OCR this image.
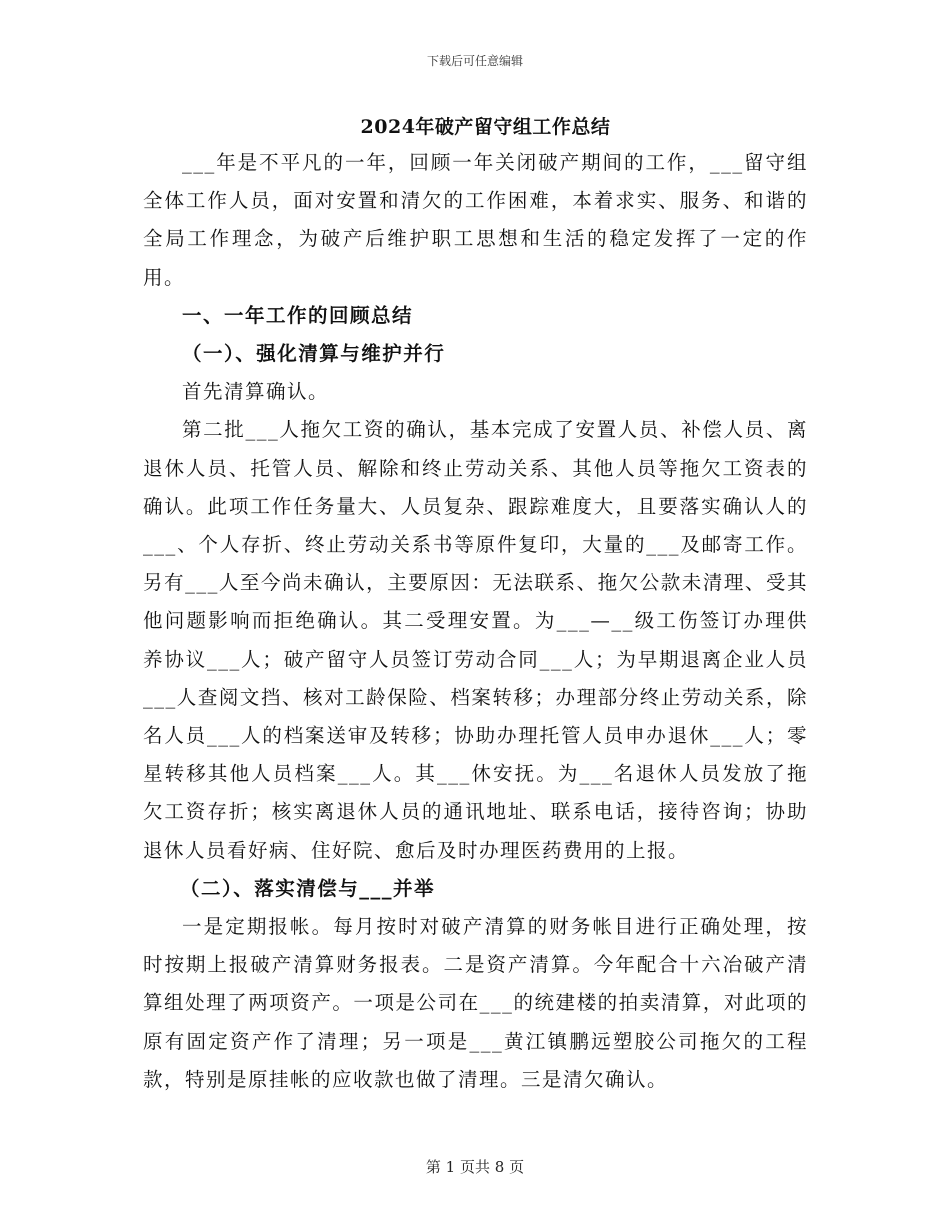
下载后可任意编辑
2024年破产留守组工作总结

___年是不平凡的一年，回顾一年关闭破产期间的工作，___留守组全体工作人员，面对安置和清欠的工作困难，本着求实、服务、和谐的全局工作理念，为破产后维护职工思想和生活的稳定发挥了一定的作用。

一、一年工作的回顾总结

（一）、强化清算与维护并行

首先清算确认。

第二批___人拖欠工资的确认，基本完成了安置人员、补偿人员、离退休人员、托管人员、解除和终止劳动关系、其他人员等拖欠工资表的确认。此项工作任务量大、人员复杂、跟踪难度大，且要落实确认人的___、个人存折、终止劳动关系书等原件复印，大量的___及邮寄工作。另有___人至今尚未确认，主要原因：无法联系、拖欠公款未清理、受其他问题影响而拒绝确认。其二受理安置。为___—__级工伤签订办理供养协议___人；破产留守人员签订劳动合同___人；为早期退离企业人员___人查阅文挡、核对工龄保险、档案转移；办理部分终止劳动关系，除名人员___人的档案送审及转移；协助办理托管人员申办退休___人；零星转移其他人员档案___人。其___休安抚。为___名退休人员发放了拖欠工资存折；核实离退休人员的通讯地址、联系电话，接待咨询；协助退休人员看好病、住好院、愈后及时办理医药费用的上报。

（二）、落实清偿与___并举

一是定期报帐。每月按时对破产清算的财务帐目进行正确处理，按时按期上报破产清算财务报表。二是资产清算。今年配合十六冶破产清算组处理了两项资产。一项是公司在___的统建楼的拍卖清算，对此项的原有固定资产作了清理；另一项是___黄江镇鹏远塑胶公司拖欠的工程款，特别是原挂帐的应收款也做了清理。三是清欠确认。

第 1 页共 8 页
